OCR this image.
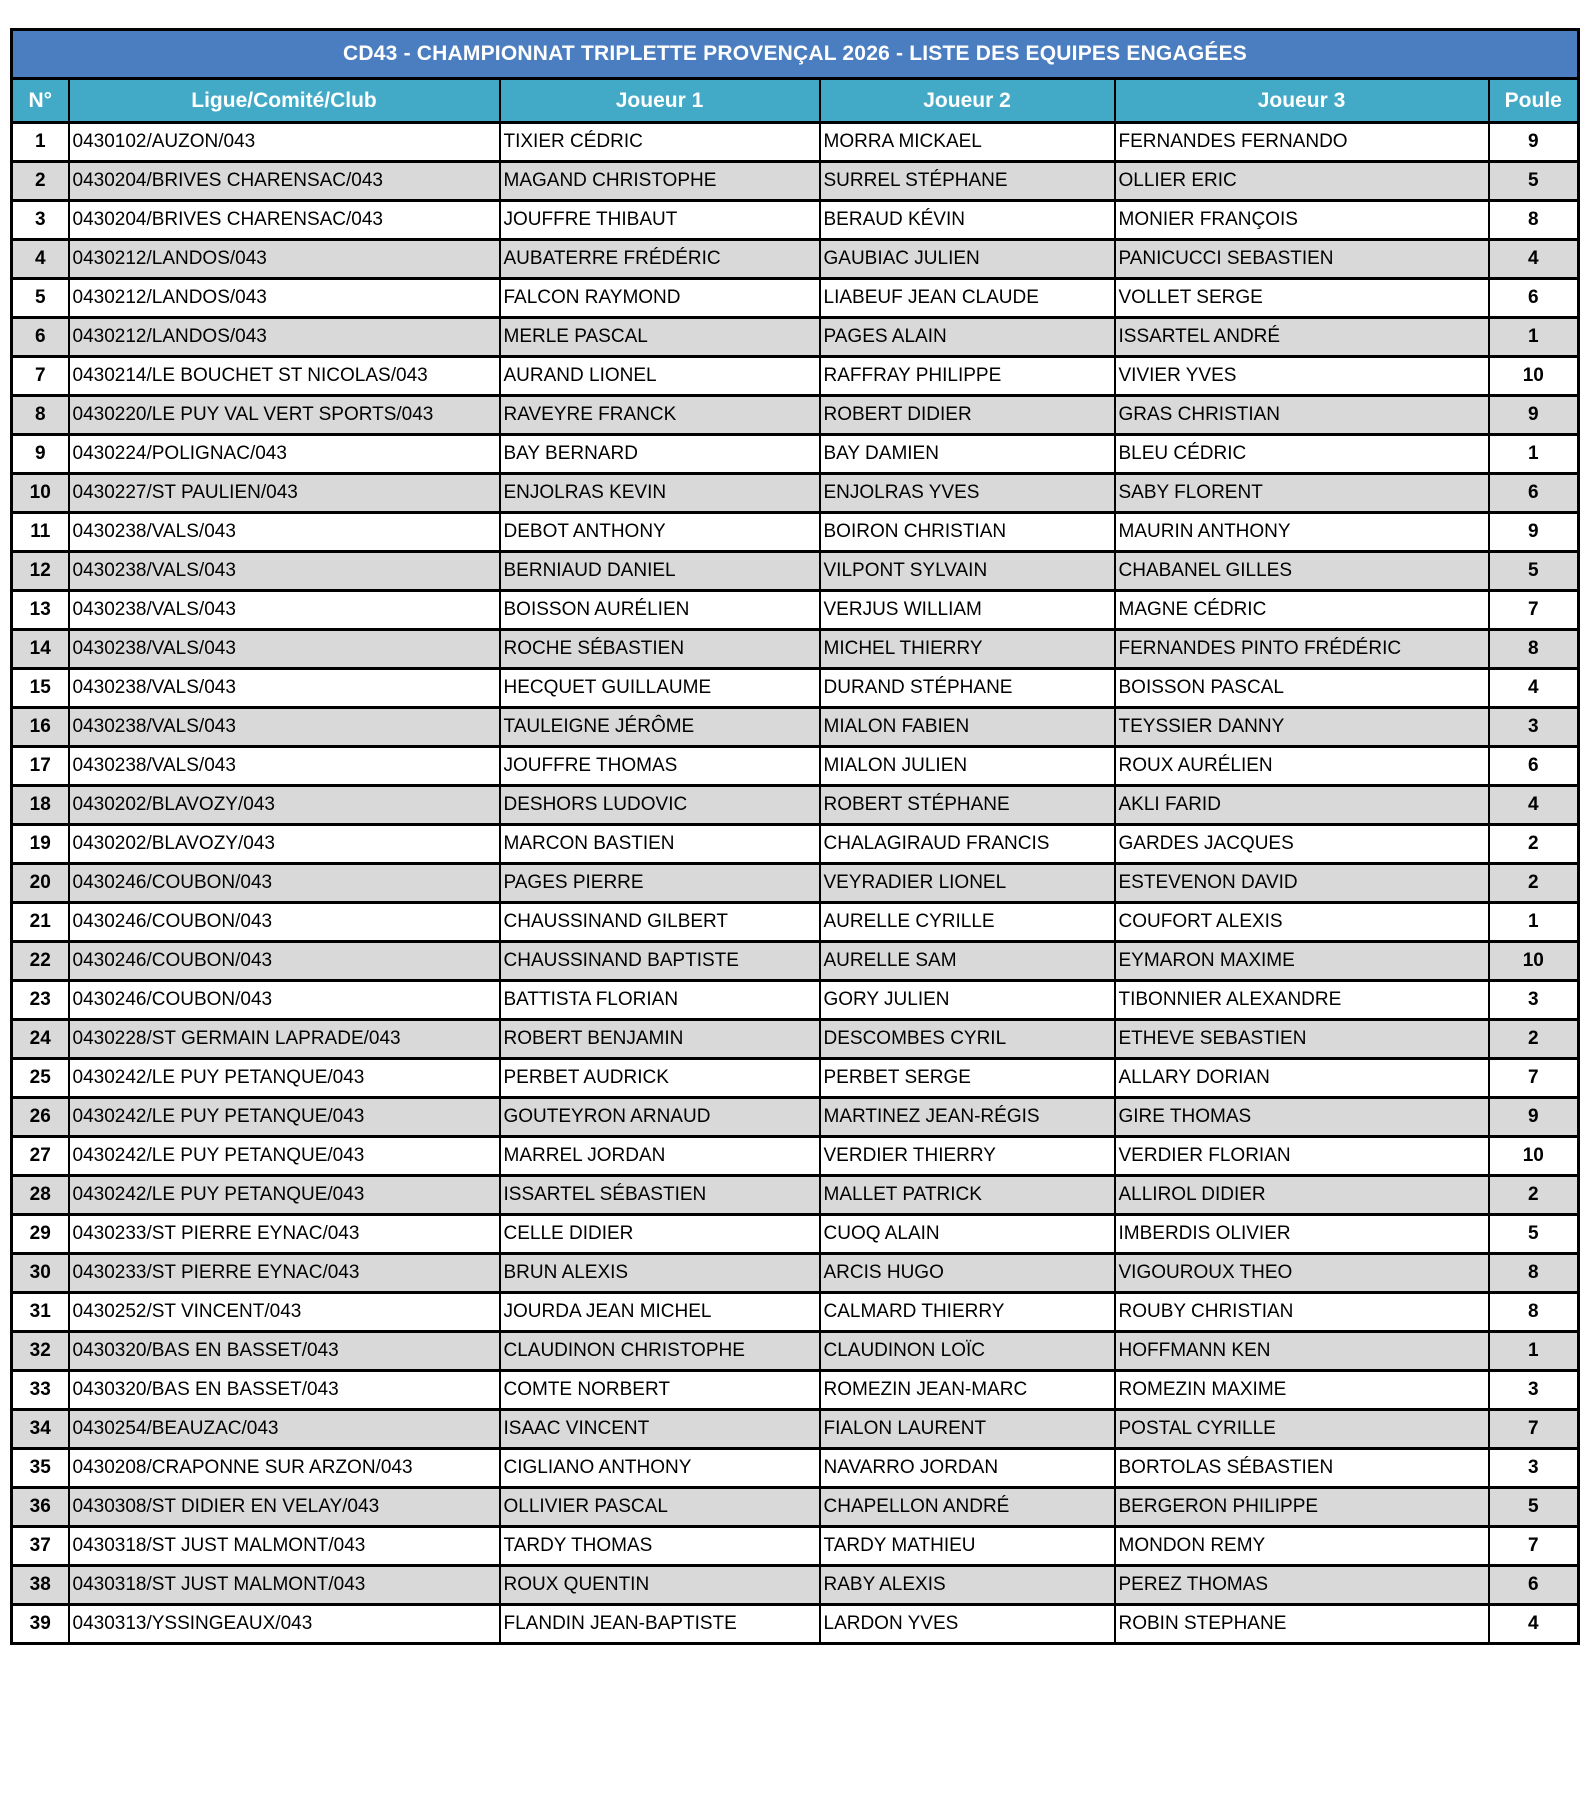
CD43 - CHAMPIONNAT TRIPLETTE PROVENÇAL 2026 - LISTE DES EQUIPES ENGAGÉES					
N°	Ligue/Comité/Club	Joueur 1	Joueur 2	Joueur 3	Poule
1	0430102/AUZON/043	TIXIER CÉDRIC	MORRA MICKAEL	FERNANDES FERNANDO	9
2	0430204/BRIVES CHARENSAC/043	MAGAND CHRISTOPHE	SURREL STÉPHANE	OLLIER ERIC	5
3	0430204/BRIVES CHARENSAC/043	JOUFFRE THIBAUT	BERAUD KÉVIN	MONIER FRANÇOIS	8
4	0430212/LANDOS/043	AUBATERRE FRÉDÉRIC	GAUBIAC JULIEN	PANICUCCI SEBASTIEN	4
5	0430212/LANDOS/043	FALCON RAYMOND	LIABEUF JEAN CLAUDE	VOLLET SERGE	6
6	0430212/LANDOS/043	MERLE PASCAL	PAGES ALAIN	ISSARTEL ANDRÉ	1
7	0430214/LE BOUCHET ST NICOLAS/043	AURAND LIONEL	RAFFRAY PHILIPPE	VIVIER YVES	10
8	0430220/LE PUY VAL VERT SPORTS/043	RAVEYRE FRANCK	ROBERT DIDIER	GRAS CHRISTIAN	9
9	0430224/POLIGNAC/043	BAY BERNARD	BAY DAMIEN	BLEU CÉDRIC	1
10	0430227/ST PAULIEN/043	ENJOLRAS KEVIN	ENJOLRAS YVES	SABY FLORENT	6
11	0430238/VALS/043	DEBOT ANTHONY	BOIRON CHRISTIAN	MAURIN ANTHONY	9
12	0430238/VALS/043	BERNIAUD DANIEL	VILPONT SYLVAIN	CHABANEL GILLES	5
13	0430238/VALS/043	BOISSON AURÉLIEN	VERJUS WILLIAM	MAGNE CÉDRIC	7
14	0430238/VALS/043	ROCHE SÉBASTIEN	MICHEL THIERRY	FERNANDES PINTO FRÉDÉRIC	8
15	0430238/VALS/043	HECQUET GUILLAUME	DURAND STÉPHANE	BOISSON PASCAL	4
16	0430238/VALS/043	TAULEIGNE JÉRÔME	MIALON FABIEN	TEYSSIER DANNY	3
17	0430238/VALS/043	JOUFFRE THOMAS	MIALON JULIEN	ROUX AURÉLIEN	6
18	0430202/BLAVOZY/043	DESHORS LUDOVIC	ROBERT STÉPHANE	AKLI FARID	4
19	0430202/BLAVOZY/043	MARCON BASTIEN	CHALAGIRAUD FRANCIS	GARDES JACQUES	2
20	0430246/COUBON/043	PAGES PIERRE	VEYRADIER LIONEL	ESTEVENON DAVID	2
21	0430246/COUBON/043	CHAUSSINAND GILBERT	AURELLE CYRILLE	COUFORT ALEXIS	1
22	0430246/COUBON/043	CHAUSSINAND BAPTISTE	AURELLE SAM	EYMARON MAXIME	10
23	0430246/COUBON/043	BATTISTA FLORIAN	GORY JULIEN	TIBONNIER ALEXANDRE	3
24	0430228/ST GERMAIN LAPRADE/043	ROBERT BENJAMIN	DESCOMBES CYRIL	ETHEVE SEBASTIEN	2
25	0430242/LE PUY PETANQUE/043	PERBET AUDRICK	PERBET SERGE	ALLARY DORIAN	7
26	0430242/LE PUY PETANQUE/043	GOUTEYRON ARNAUD	MARTINEZ JEAN-RÉGIS	GIRE THOMAS	9
27	0430242/LE PUY PETANQUE/043	MARREL JORDAN	VERDIER THIERRY	VERDIER FLORIAN	10
28	0430242/LE PUY PETANQUE/043	ISSARTEL SÉBASTIEN	MALLET PATRICK	ALLIROL DIDIER	2
29	0430233/ST PIERRE EYNAC/043	CELLE DIDIER	CUOQ ALAIN	IMBERDIS OLIVIER	5
30	0430233/ST PIERRE EYNAC/043	BRUN ALEXIS	ARCIS HUGO	VIGOUROUX THEO	8
31	0430252/ST VINCENT/043	JOURDA JEAN MICHEL	CALMARD THIERRY	ROUBY CHRISTIAN	8
32	0430320/BAS EN BASSET/043	CLAUDINON CHRISTOPHE	CLAUDINON LOÏC	HOFFMANN KEN	1
33	0430320/BAS EN BASSET/043	COMTE NORBERT	ROMEZIN JEAN-MARC	ROMEZIN MAXIME	3
34	0430254/BEAUZAC/043	ISAAC VINCENT	FIALON LAURENT	POSTAL CYRILLE	7
35	0430208/CRAPONNE SUR ARZON/043	CIGLIANO ANTHONY	NAVARRO JORDAN	BORTOLAS SÉBASTIEN	3
36	0430308/ST DIDIER EN VELAY/043	OLLIVIER PASCAL	CHAPELLON ANDRÉ	BERGERON PHILIPPE	5
37	0430318/ST JUST MALMONT/043	TARDY THOMAS	TARDY MATHIEU	MONDON REMY	7
38	0430318/ST JUST MALMONT/043	ROUX QUENTIN	RABY ALEXIS	PEREZ THOMAS	6
39	0430313/YSSINGEAUX/043	FLANDIN JEAN-BAPTISTE	LARDON YVES	ROBIN STEPHANE	4
